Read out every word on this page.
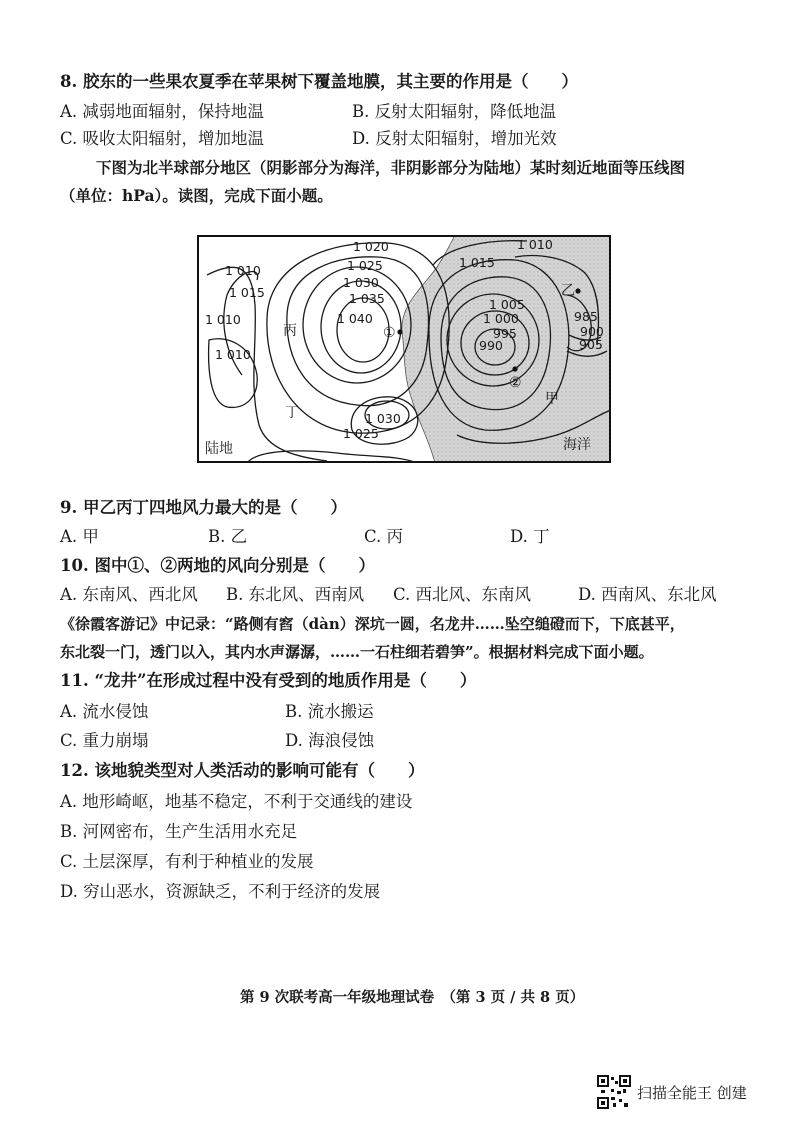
8. 胶东的一些果农夏季在苹果树下覆盖地膜，其主要的作用是（　　）

A. 减弱地面辐射，保持地温	B. 反射太阳辐射，降低地温

C. 吸收太阳辐射，增加地温	D. 反射太阳辐射，增加光效

下图为北半球部分地区（阴影部分为海洋，非阴影部分为陆地）某时刻近地面等压线图

（单位：hPa）。读图，完成下面小题。

1 010
1 015
1 010
1 010
1 020
1 025
1 030
1 035
1 040
1 030
1 025
1 015
1 010
1 005
1 000
995
990
985
900
905
丙
丁
甲
乙
①
②
陆地	海洋

9. 甲乙丙丁四地风力最大的是（　　）

A. 甲	B. 乙	C. 丙	D. 丁

10. 图中①、②两地的风向分别是（　　）

A. 东南风、西北风 B. 东北风、西南风 C. 西北风、东南风	D. 西南风、东北风

《徐霞客游记》中记录：“路侧有窞（dàn）深坑一圆，名龙井……坠空缒磴而下，下底甚平，

东北裂一门，透门以入，其内水声潺潺，……一石柱细若碧笋”。根据材料完成下面小题。

11. “龙井”在形成过程中没有受到的地质作用是（　　）

A. 流水侵蚀	B. 流水搬运

C. 重力崩塌	D. 海浪侵蚀

12. 该地貌类型对人类活动的影响可能有（　　）

A. 地形崎岖，地基不稳定，不利于交通线的建设

B. 河网密布，生产生活用水充足

C. 土层深厚，有利于种植业的发展

D. 穷山恶水，资源缺乏，不利于经济的发展

第 9 次联考高一年级地理试卷　（第 3 页 / 共 8 页）
扫描全能王 创建
